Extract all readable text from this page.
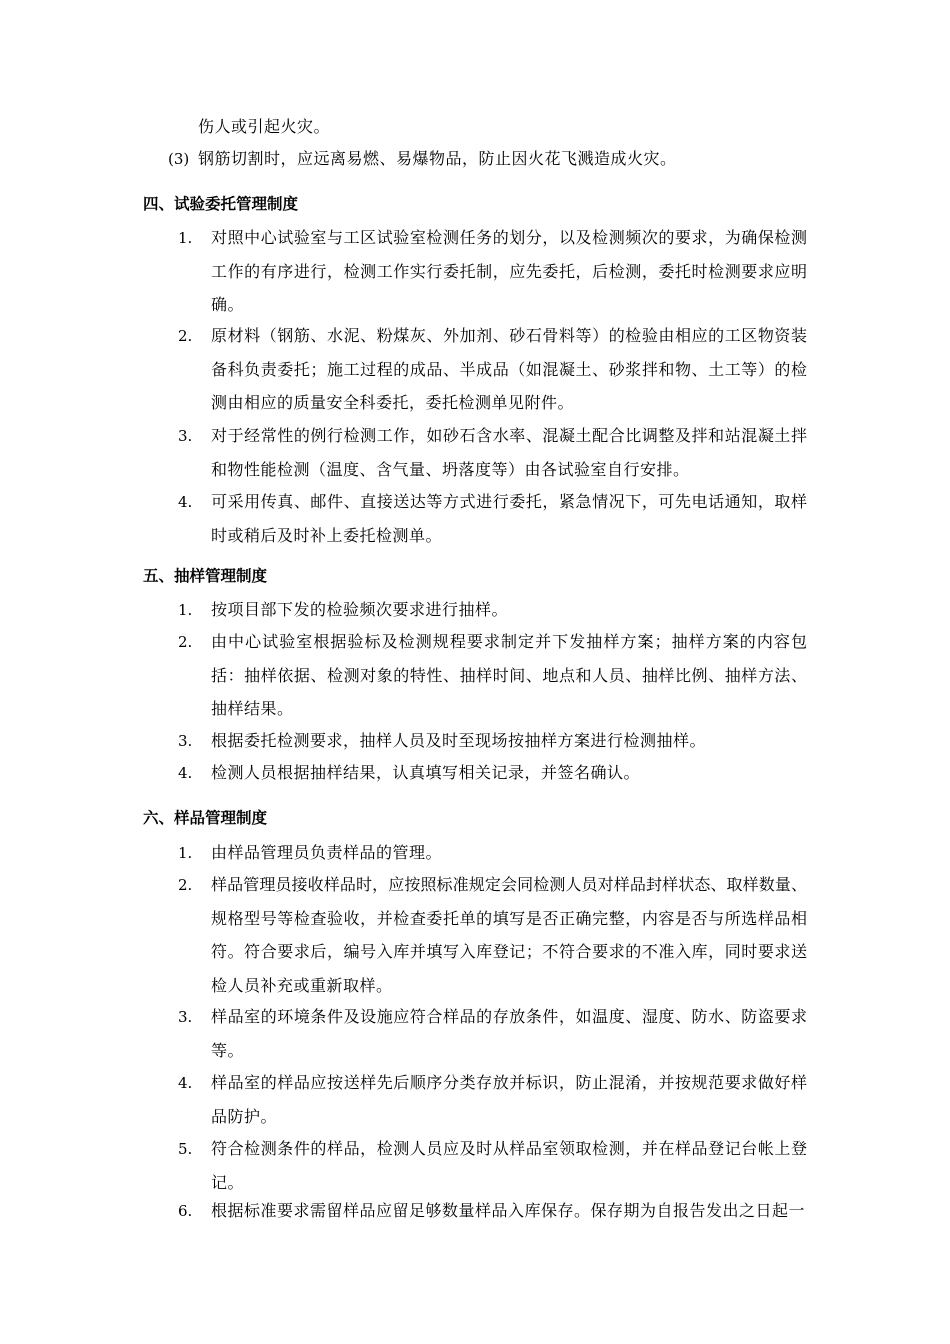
伤人或引起火灾。
(3) 钢筋切割时，应远离易燃、易爆物品，防止因火花飞溅造成火灾。
四、试验委托管理制度
1. 对照中心试验室与工区试验室检测任务的划分，以及检测频次的要求，为确保检测
工作的有序进行，检测工作实行委托制，应先委托，后检测，委托时检测要求应明
确。
2. 原材料（钢筋、水泥、粉煤灰、外加剂、砂石骨料等）的检验由相应的工区物资装
备科负责委托；施工过程的成品、半成品（如混凝土、砂浆拌和物、土工等）的检
测由相应的质量安全科委托，委托检测单见附件。
3. 对于经常性的例行检测工作，如砂石含水率、混凝土配合比调整及拌和站混凝土拌
和物性能检测（温度、含气量、坍落度等）由各试验室自行安排。
4. 可采用传真、邮件、直接送达等方式进行委托，紧急情况下，可先电话通知，取样
时或稍后及时补上委托检测单。
五、抽样管理制度
1. 按项目部下发的检验频次要求进行抽样。
2. 由中心试验室根据验标及检测规程要求制定并下发抽样方案；抽样方案的内容包
括：抽样依据、检测对象的特性、抽样时间、地点和人员、抽样比例、抽样方法、
抽样结果。
3. 根据委托检测要求，抽样人员及时至现场按抽样方案进行检测抽样。
4. 检测人员根据抽样结果，认真填写相关记录，并签名确认。
六、样品管理制度
1. 由样品管理员负责样品的管理。
2. 样品管理员接收样品时，应按照标准规定会同检测人员对样品封样状态、取样数量、
规格型号等检查验收，并检查委托单的填写是否正确完整，内容是否与所选样品相
符。符合要求后，编号入库并填写入库登记；不符合要求的不准入库，同时要求送
检人员补充或重新取样。
3. 样品室的环境条件及设施应符合样品的存放条件，如温度、湿度、防水、防盗要求
等。
4. 样品室的样品应按送样先后顺序分类存放并标识，防止混淆，并按规范要求做好样
品防护。
5. 符合检测条件的样品，检测人员应及时从样品室领取检测，并在样品登记台帐上登
记。
6. 根据标准要求需留样品应留足够数量样品入库保存。保存期为自报告发出之日起一
